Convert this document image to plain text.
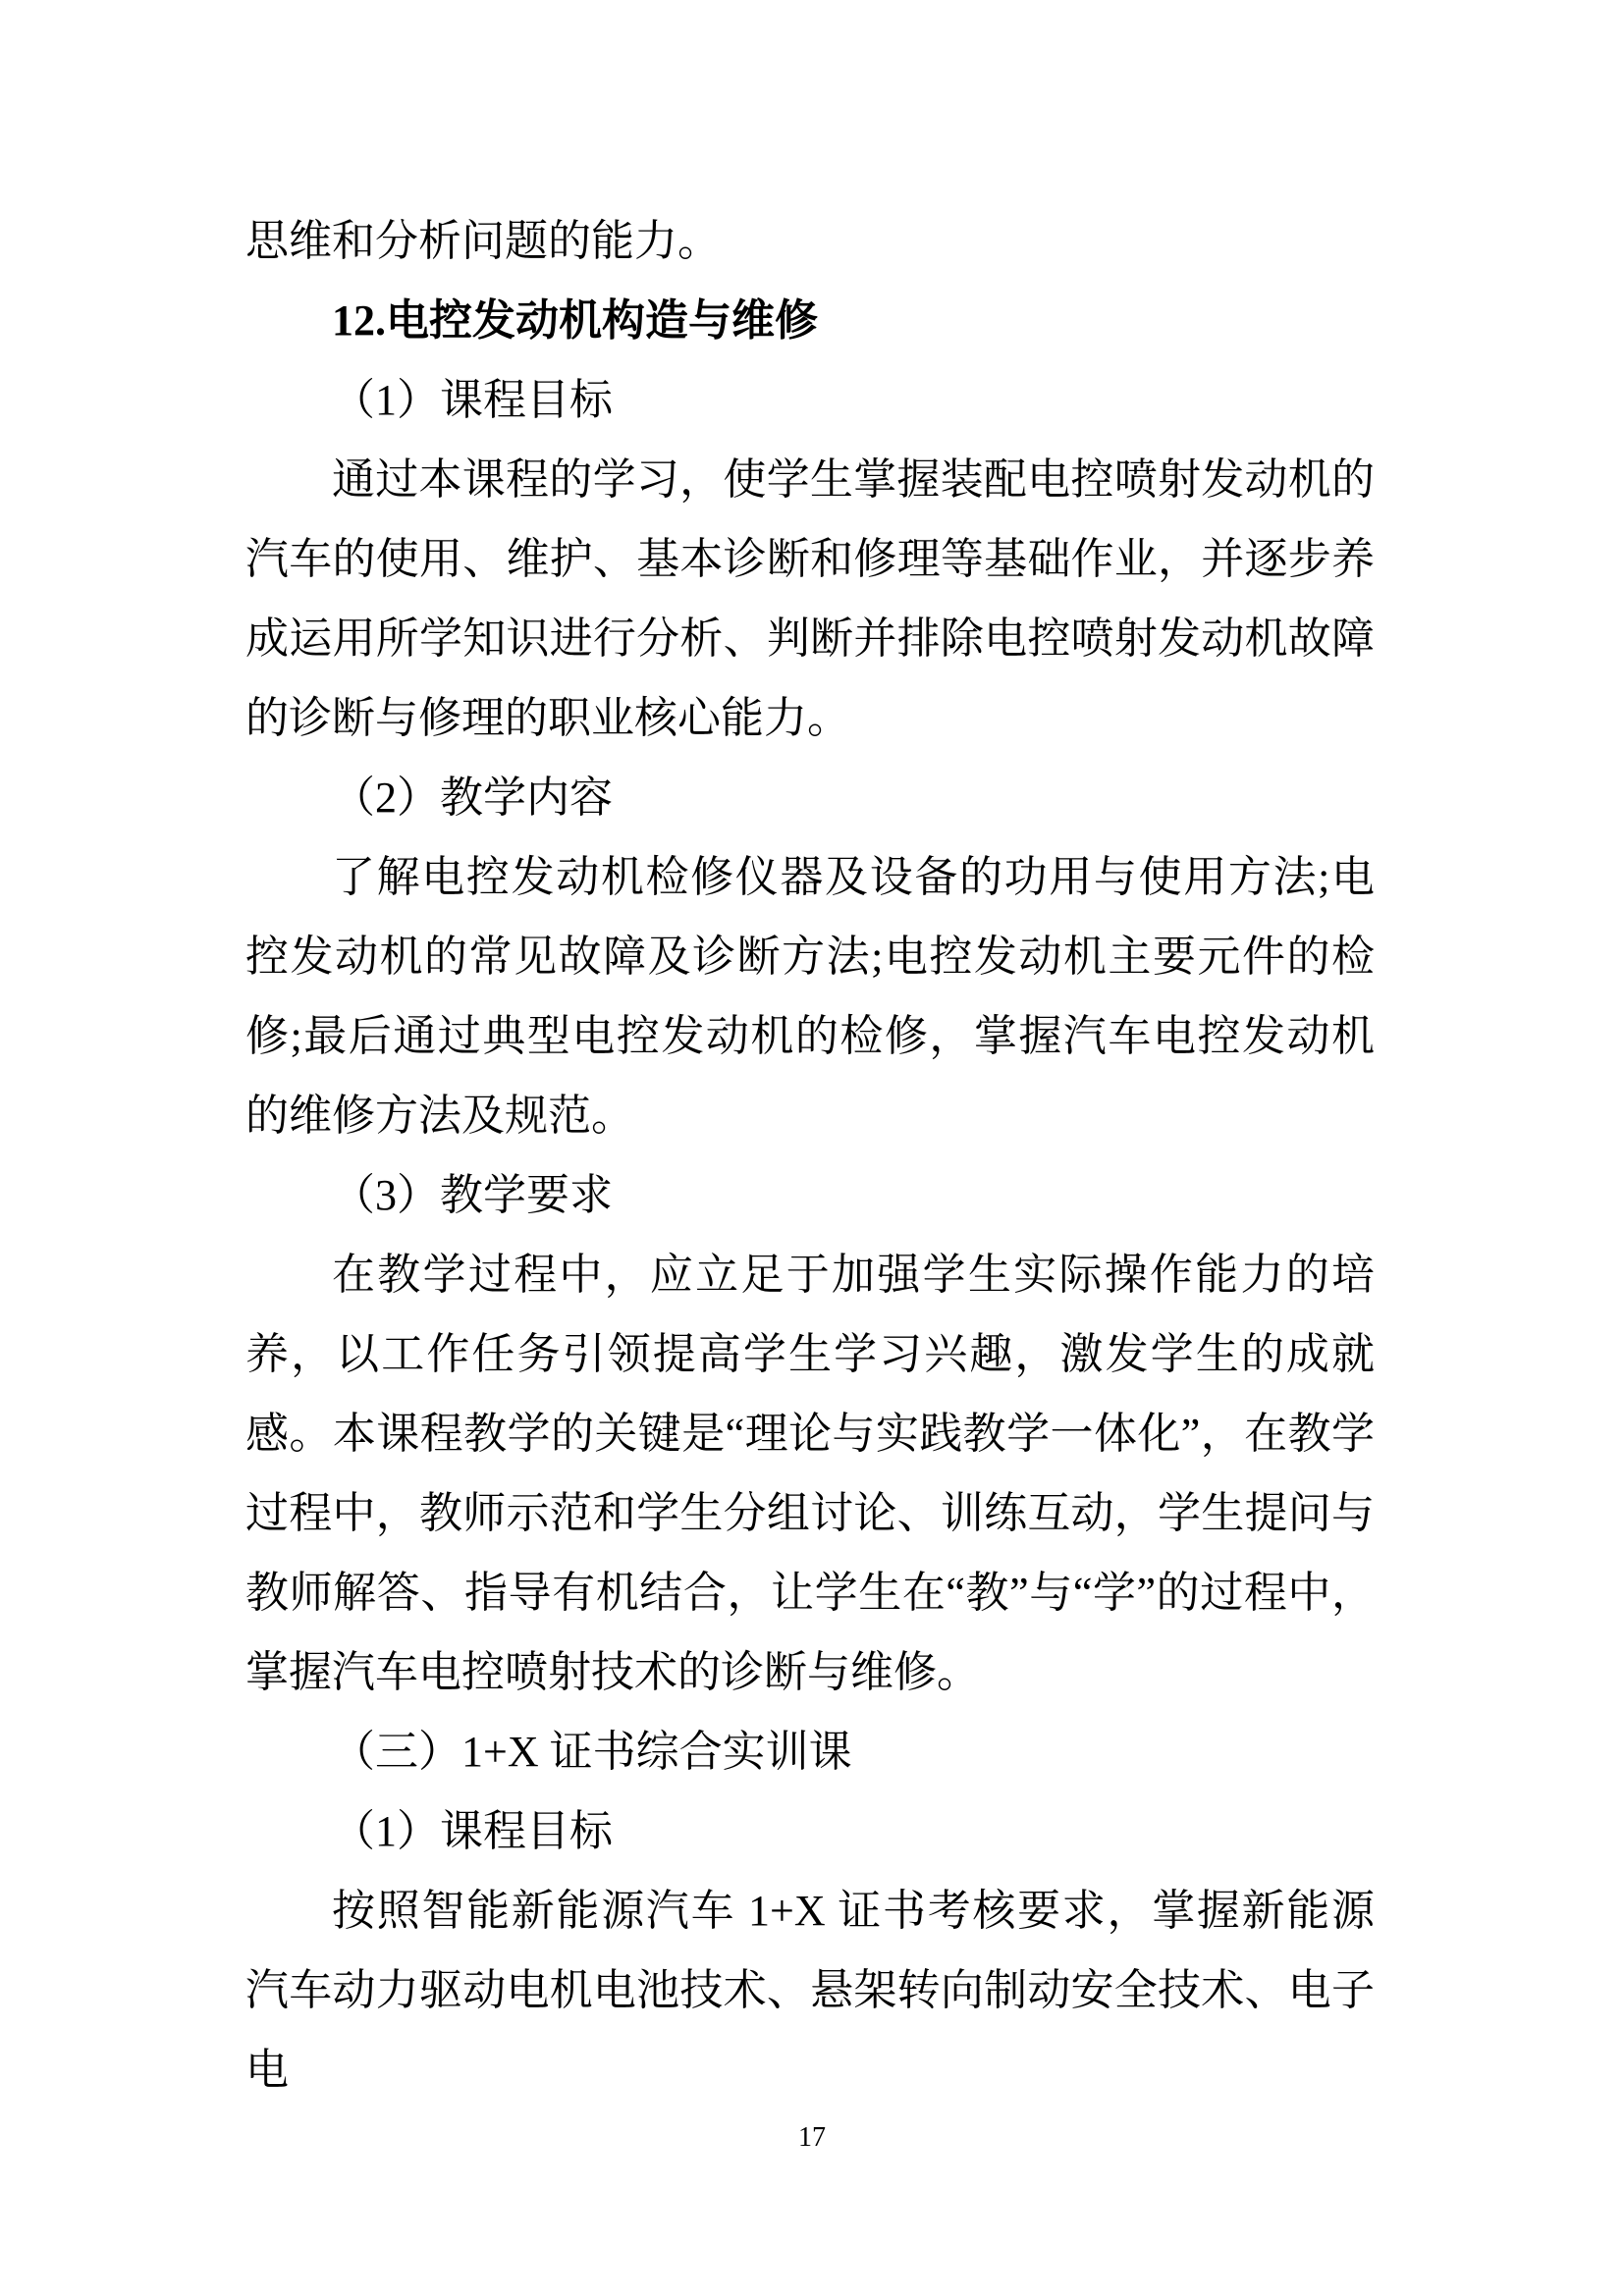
思维和分析问题的能力。

12.电控发动机构造与维修

（1）课程目标

通过本课程的学习，使学生掌握装配电控喷射发动机的汽车的使用、维护、基本诊断和修理等基础作业，并逐步养成运用所学知识进行分析、判断并排除电控喷射发动机故障的诊断与修理的职业核心能力。

（2）教学内容

了解电控发动机检修仪器及设备的功用与使用方法;电控发动机的常见故障及诊断方法;电控发动机主要元件的检修;最后通过典型电控发动机的检修，掌握汽车电控发动机的维修方法及规范。

（3）教学要求

在教学过程中，应立足于加强学生实际操作能力的培养，以工作任务引领提高学生学习兴趣，激发学生的成就感。本课程教学的关键是“理论与实践教学一体化”，在教学过程中，教师示范和学生分组讨论、训练互动，学生提问与教师解答、指导有机结合，让学生在“教”与“学”的过程中，掌握汽车电控喷射技术的诊断与维修。

（三）1+X 证书综合实训课

（1）课程目标

按照智能新能源汽车 1+X 证书考核要求，掌握新能源汽车动力驱动电机电池技术、悬架转向制动安全技术、电子电

17
